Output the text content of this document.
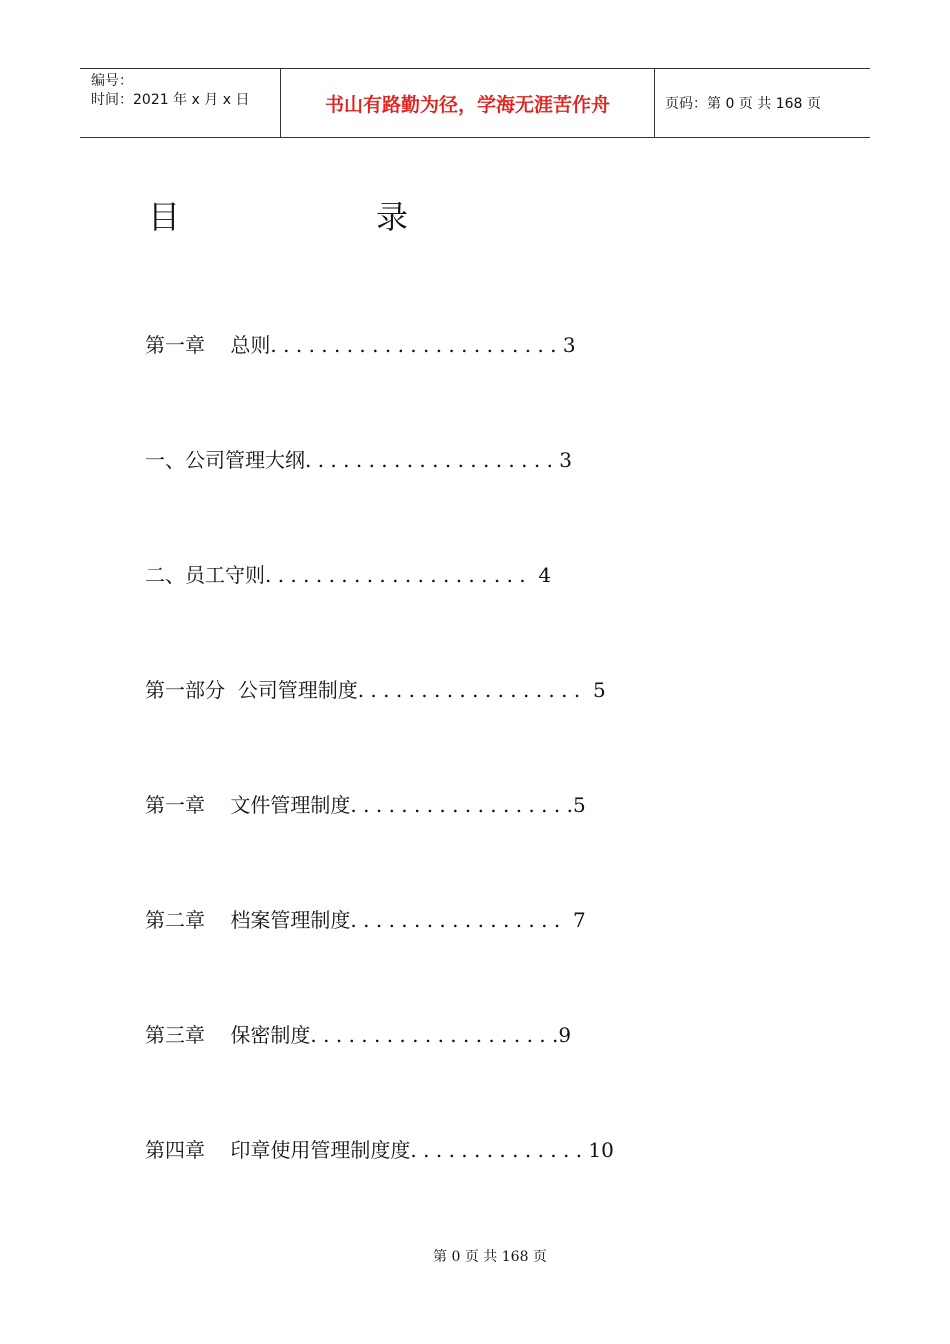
编号：
时间：2021 年 x 月 x 日	书山有路勤为径，学海无涯苦作舟	页码：第 0 页 共 168 页
目	录
第一章    总则. . . . . . . . . . . . . . . . . . . . . . . 3
一、公司管理大纲. . . . . . . . . . . . . . . . . . . . 3
二、员工守则. . . . . . . . . . . . . . . . . . . . .  4
第一部分  公司管理制度. . . . . . . . . . . . . . . . . .  5
第一章    文件管理制度. . . . . . . . . . . . . . . . . .5
第二章    档案管理制度. . . . . . . . . . . . . . . . .  7
第三章    保密制度. . . . . . . . . . . . . . . . . . . .9
第四章    印章使用管理制度度. . . . . . . . . . . . . . 10
第 0 页 共 168 页
